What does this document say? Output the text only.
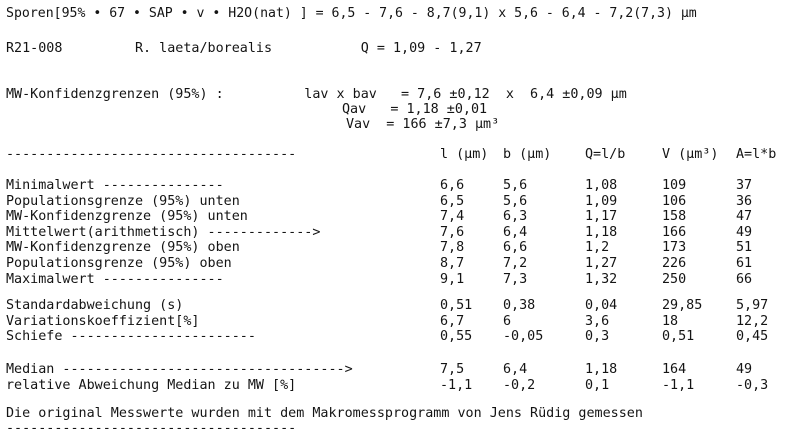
Sporen[95% • 67 • SAP • v • H2O(nat) ] = 6,5 - 7,6 - 8,7(9,1) x 5,6 - 6,4 - 7,2(7,3) µm
R21-008         R. laeta/borealis           Q = 1,09 - 1,27
MW-Konfidenzgrenzen (95%) :          lav x bav   = 7,6 ±0,12  x  6,4 ±0,09 µm
Qav   = 1,18 ±0,01
Vav  = 166 ±7,3 µm³
------------------------------------	l (µm) b (µm)	Q=l/b	V (µm³) A=l*b
Minimalwert ---------------	6,6	5,6	1,08	109	37
Populationsgrenze (95%) unten	6,5	5,6	1,09	106	36
MW-Konfidenzgrenze (95%) unten	7,4	6,3	1,17	158	47
Mittelwert(arithmetisch) ------------->	7,6	6,4	1,18	166	49
MW-Konfidenzgrenze (95%) oben	7,8	6,6	1,2	173	51
Populationsgrenze (95%) oben	8,7	7,2	1,27	226	61
Maximalwert ---------------	9,1	7,3	1,32	250	66
Standardabweichung (s)	0,51 0,38	0,04	29,85	5,97
Variationskoeffizient[%]	6,7	6	3,6	18	12,2
Schiefe -----------------------	0,55 -0,05	0,3	0,51	0,45
Median ----------------------------------->	7,5	6,4	1,18	164	49
relative Abweichung Median zu MW [%]	-1,1 -0,2	0,1	-1,1	-0,3
Die original Messwerte wurden mit dem Makromessprogramm von Jens Rüdig gemessen
------------------------------------
